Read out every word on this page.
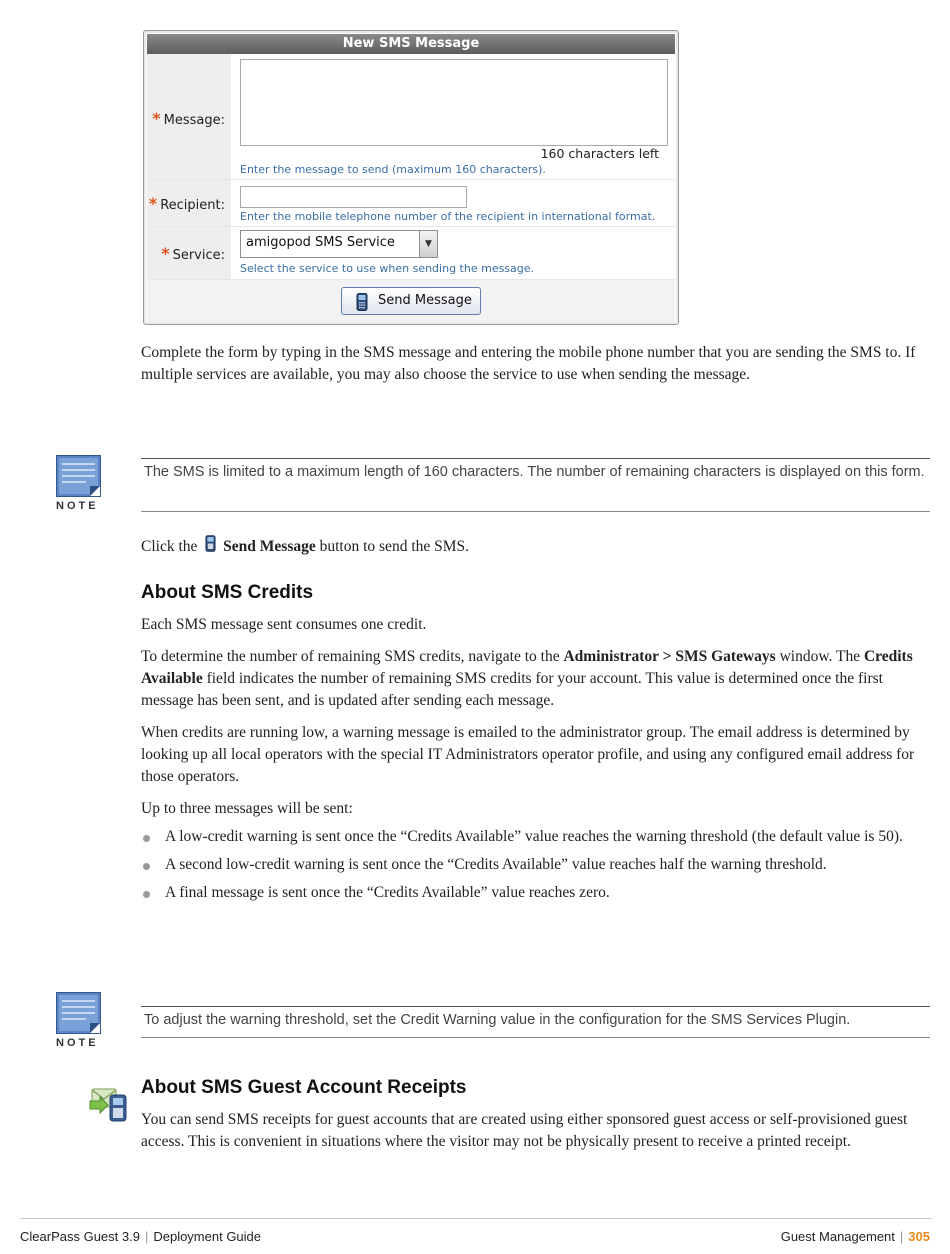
New SMS Message
* Message:
160 characters left
Enter the message to send (maximum 160 characters).
* Recipient:
Enter the mobile telephone number of the recipient in international format.
* Service:
amigopod SMS Service	▼
Select the service to use when sending the message.
Send Message
Complete the form by typing in the SMS message and entering the mobile phone number that you are sending the SMS to. If multiple services are available, you may also choose the service to use when sending the message.
NOTE
The SMS is limited to a maximum length of 160 characters. The number of remaining characters is displayed on this form.
Click the Send Message button to send the SMS.
About SMS Credits
Each SMS message sent consumes one credit.
To determine the number of remaining SMS credits, navigate to the Administrator > SMS Gateways window. The Credits Available field indicates the number of remaining SMS credits for your account. This value is determined once the first message has been sent, and is updated after sending each message.
When credits are running low, a warning message is emailed to the administrator group. The email address is determined by looking up all local operators with the special IT Administrators operator profile, and using any configured email address for those operators.
Up to three messages will be sent:
A low-credit warning is sent once the “Credits Available” value reaches the warning threshold (the default value is 50).
A second low-credit warning is sent once the “Credits Available” value reaches half the warning threshold.
A final message is sent once the “Credits Available” value reaches zero.
NOTE
To adjust the warning threshold, set the Credit Warning value in the configuration for the SMS Services Plugin.
About SMS Guest Account Receipts
You can send SMS receipts for guest accounts that are created using either sponsored guest access or self-provisioned guest access. This is convenient in situations where the visitor may not be physically present to receive a printed receipt.
ClearPass Guest 3.9 | Deployment Guide	Guest Management | 305
